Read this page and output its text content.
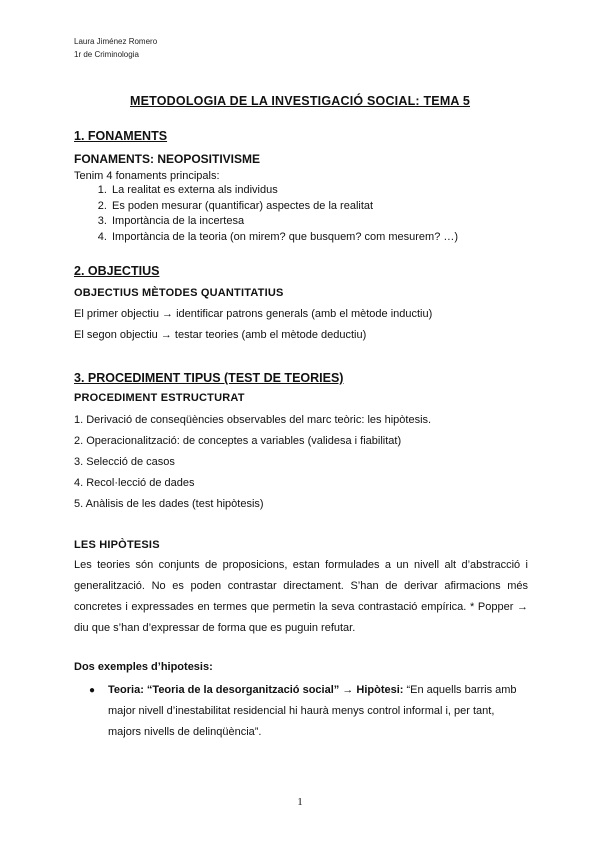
Laura Jiménez Romero
1r de Criminologia
METODOLOGIA DE LA INVESTIGACIÓ SOCIAL: TEMA 5
1. FONAMENTS
FONAMENTS: NEOPOSITIVISME
Tenim 4 fonaments principals:
1. La realitat es externa als individus
2. Es poden mesurar (quantificar) aspectes de la realitat
3. Importància de la incertesa
4. Importància de la teoria (on mirem? que busquem? com mesurem? …)
2. OBJECTIUS
OBJECTIUS MÈTODES QUANTITATIUS
El primer objectiu → identificar patrons generals (amb el mètode inductiu)
El segon objectiu → testar teories (amb el mètode deductiu)
3. PROCEDIMENT TIPUS (TEST DE TEORIES)
PROCEDIMENT ESTRUCTURAT
1. Derivació de conseqüències observables del marc teòric: les hipòtesis.
2. Operacionalització: de conceptes a variables (validesa i fiabilitat)
3. Selecció de casos
4. Recol·lecció de dades
5. Anàlisis de les dades (test hipòtesis)
LES HIPÒTESIS
Les teories són conjunts de proposicions, estan formulades a un nivell alt d’abstracció i generalització. No es poden contrastar directament. S’han de derivar afirmacions més concretes i expressades en termes que permetin la seva contrastació empírica. * Popper → diu que s’han d’expressar de forma que es puguin refutar.
Dos exemples d’hipotesis:
● Teoria: “Teoria de la desorganització social” → Hipòtesi: “En aquells barris amb major nivell d’inestabilitat residencial hi haurà menys control informal i, per tant, majors nivells de delinqüència”.
1
